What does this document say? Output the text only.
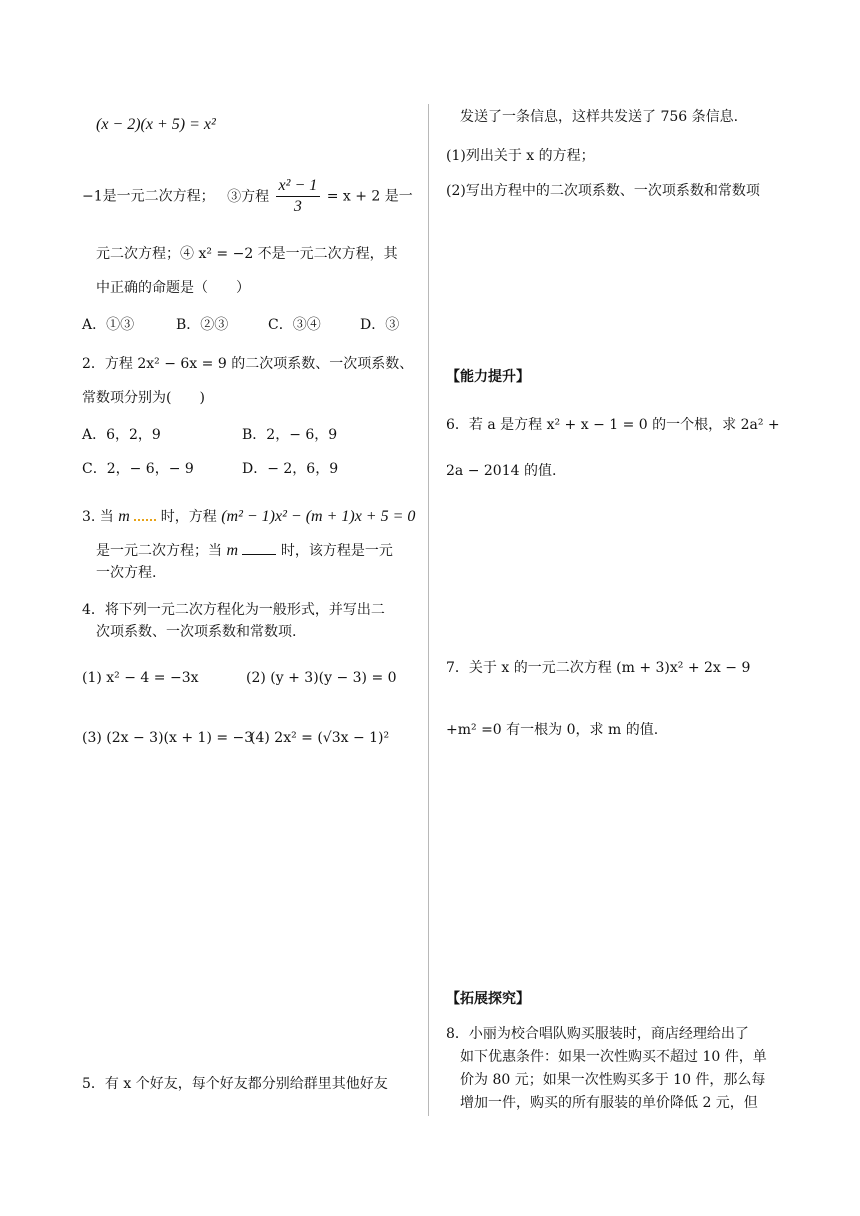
(x − 2)(x + 5) = x²
−1是一元二次方程； ③方程 $\frac{\text{x² − 1}}{3} = x + 2$ 是一
元二次方程；④ x² = −2 不是一元二次方程，其
中正确的命题是（　　）
A．①③	B．②③	C．③④	D．③
2．方程 2x² − 6x = 9 的二次项系数、一次项系数、
常数项分别为(　　)
A．6，2，9	B．2，− 6，9
C．2，− 6，− 9	D．− 2，6，9
3. 当 m 时，方程 (m² − 1)x² − (m + 1)x + 5 = 0
是一元二次方程；当 m	时，该方程是一元
一次方程.
4．将下列一元二次方程化为一般形式，并写出二
次项系数、一次项系数和常数项.
(1) x² − 4 = −3x	(2) (y + 3)(y − 3) = 0
(3) (2x − 3)(x + 1) = −3
(4) 2x² = (√3x − 1)²
5．有 x 个好友，每个好友都分别给群里其他好友
发送了一条信息，这样共发送了 756 条信息.
(1)列出关于 x 的方程；
(2)写出方程中的二次项系数、一次项系数和常数项
【能力提升】
6．若 a 是方程 x² + x − 1 = 0 的一个根，求 2a² +
2a − 2014 的值.
7．关于 x 的一元二次方程 (m + 3)x² + 2x − 9
+m² =0 有一根为 0，求 m 的值.
【拓展探究】
8．小丽为校合唱队购买服装时，商店经理给出了
如下优惠条件：如果一次性购买不超过 10 件，单
价为 80 元；如果一次性购买多于 10 件，那么每
增加一件，购买的所有服装的单价降低 2 元，但
